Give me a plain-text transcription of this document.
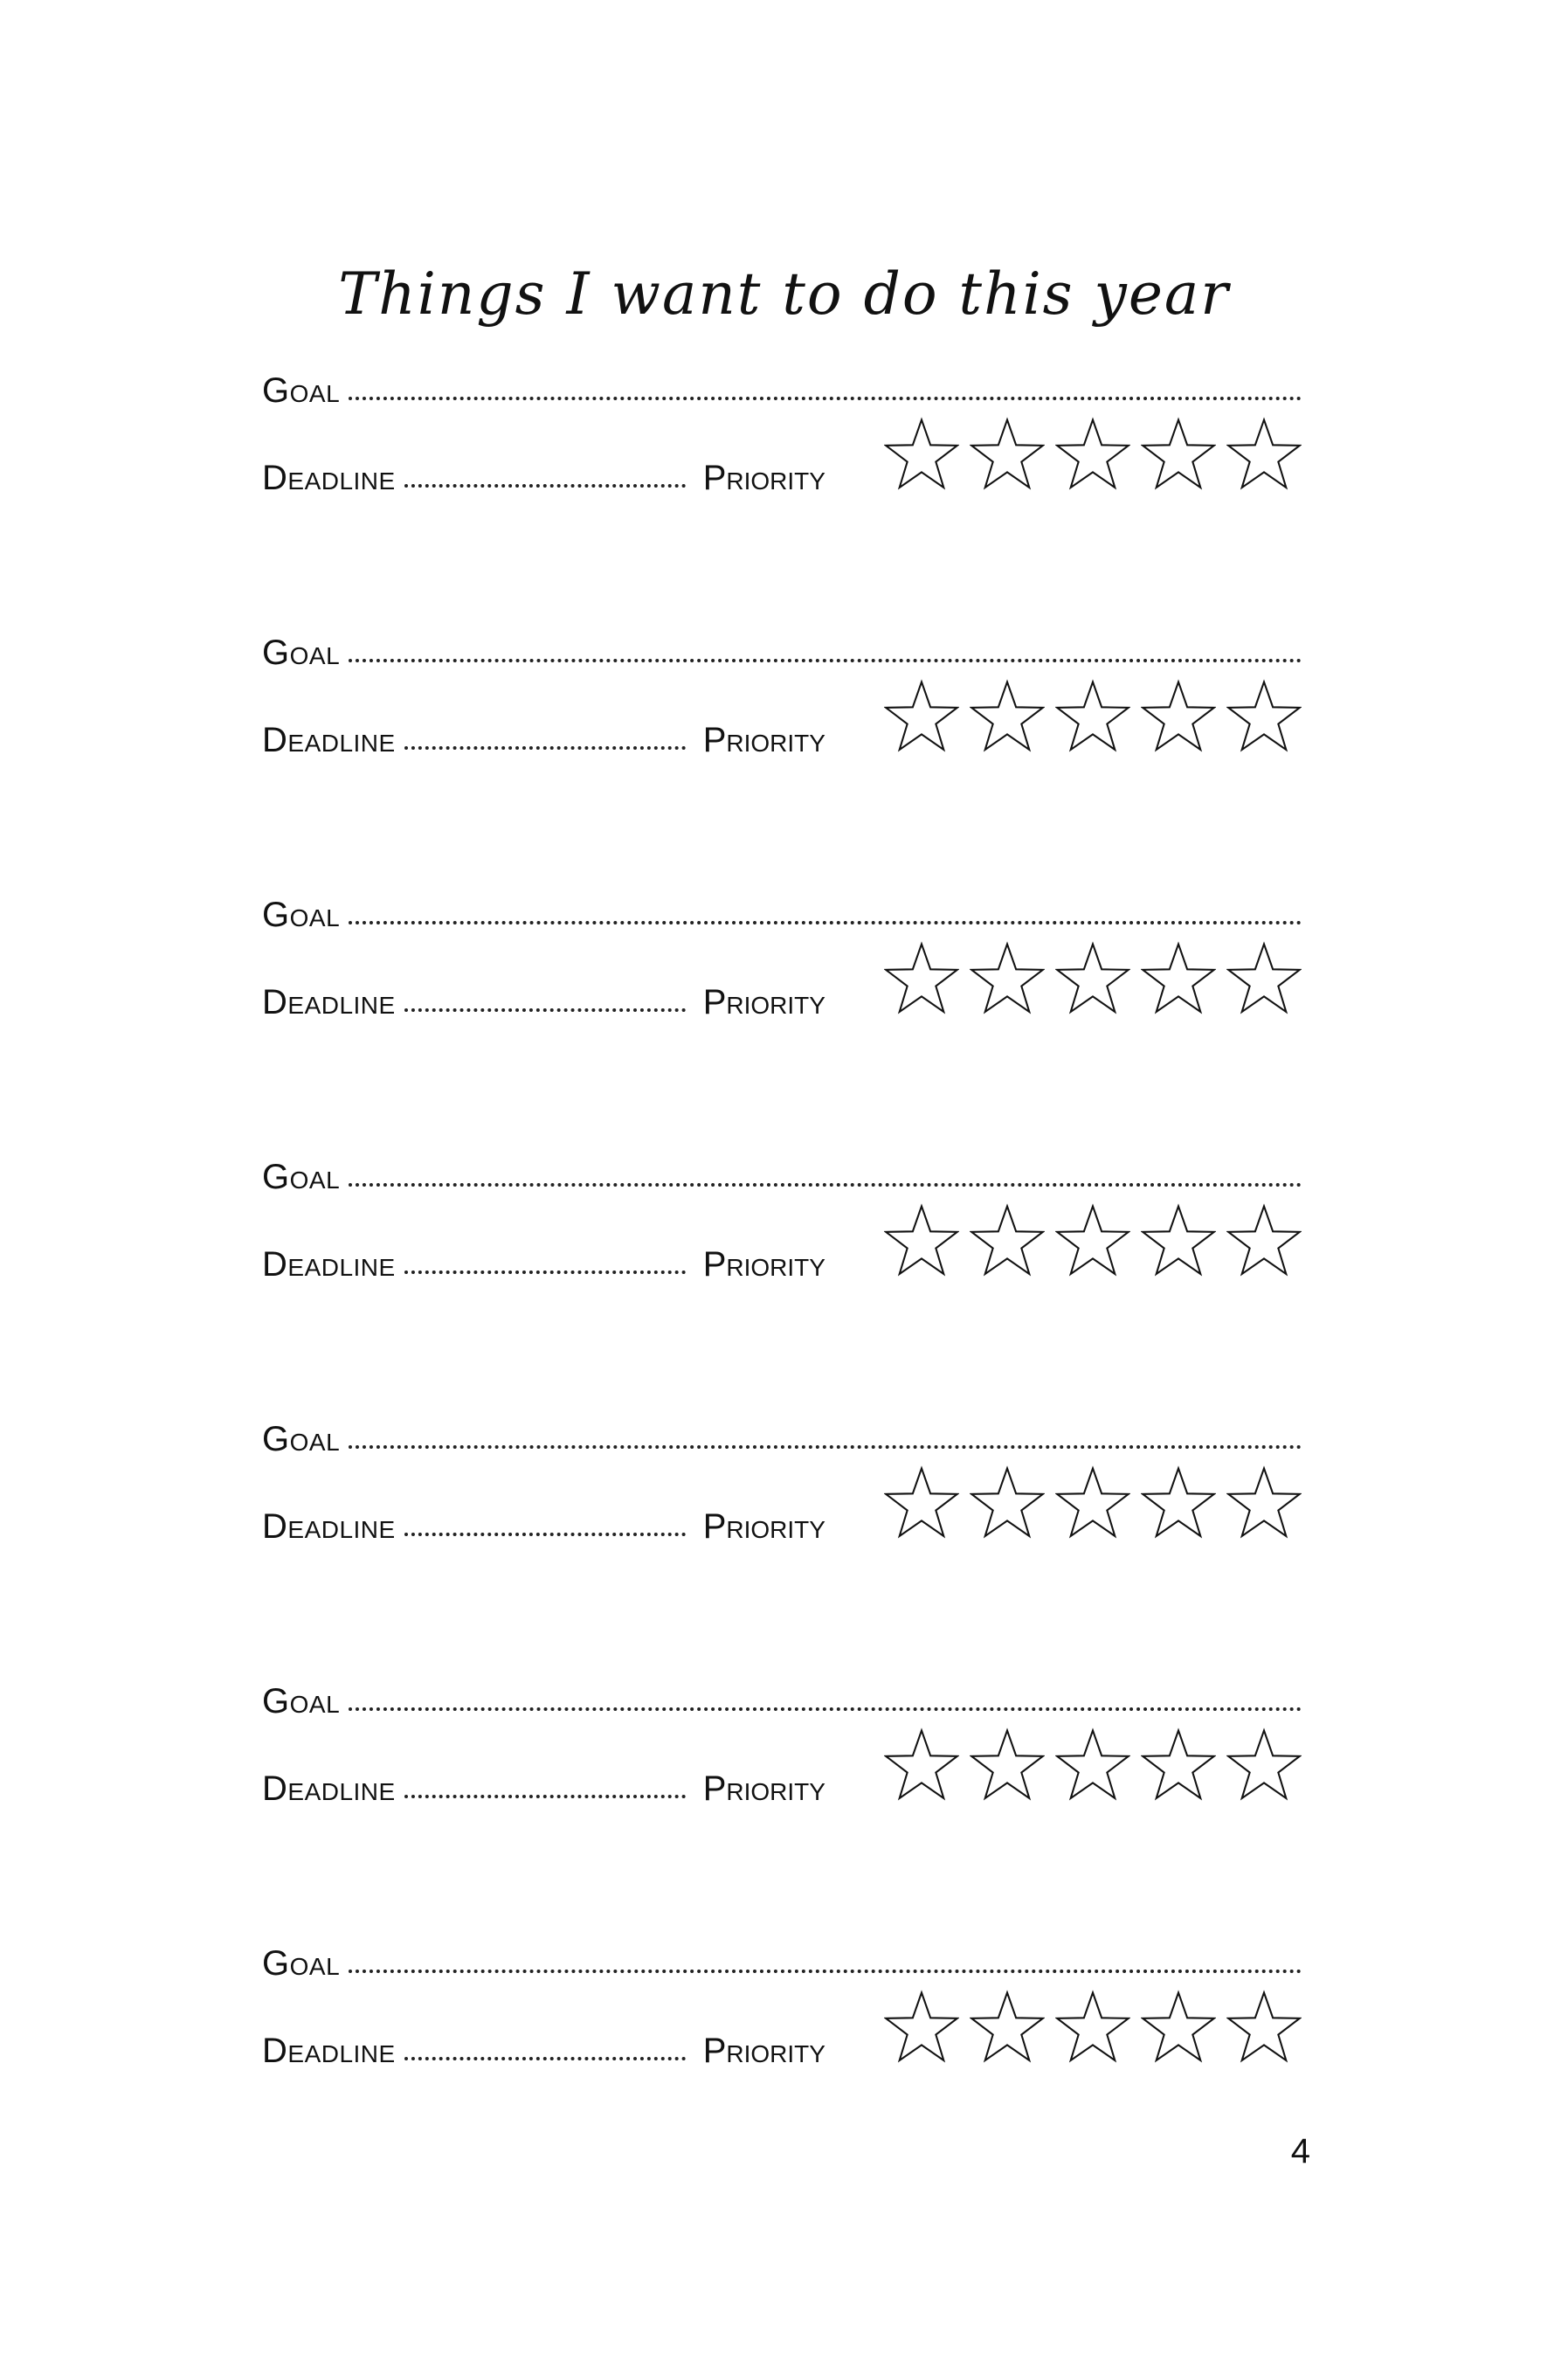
Things I want to do this year
Goal
Deadline	Priority
Goal
Deadline	Priority
Goal
Deadline	Priority
Goal
Deadline	Priority
Goal
Deadline	Priority
Goal
Deadline	Priority
Goal
Deadline	Priority
4
